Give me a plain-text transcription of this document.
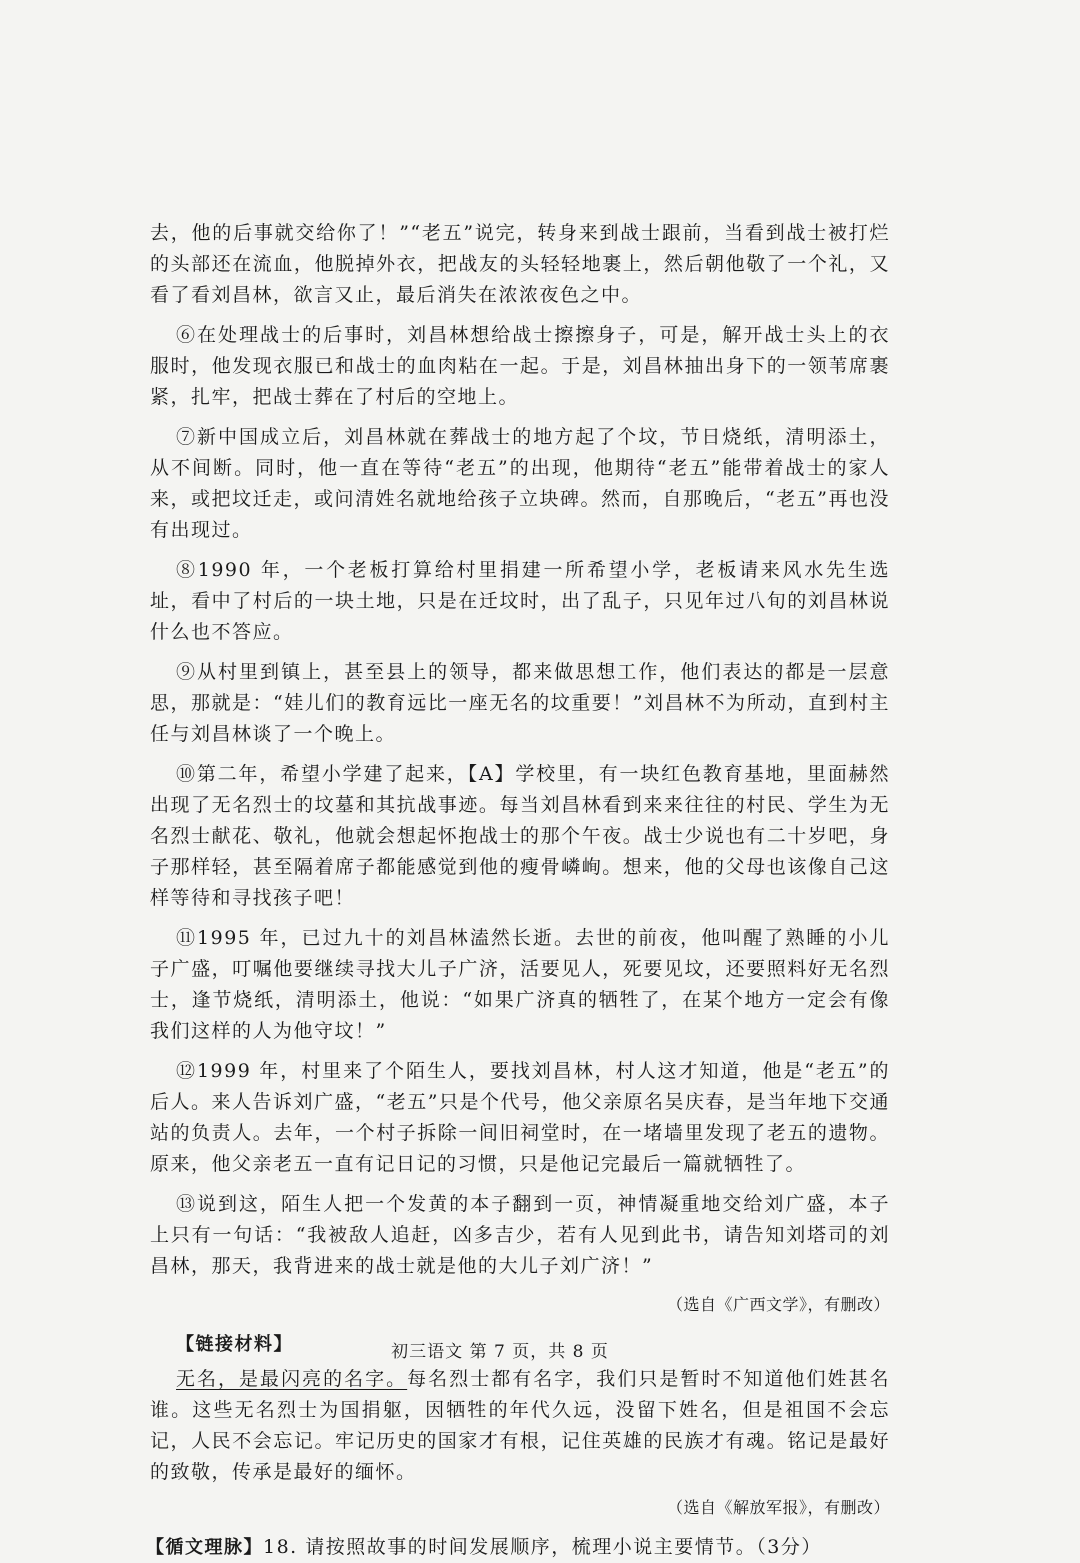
去，他的后事就交给你了！”“老五”说完，转身来到战士跟前，当看到战士被打烂的头部还在流血，他脱掉外衣，把战友的头轻轻地裹上，然后朝他敬了一个礼，又看了看刘昌林，欲言又止，最后消失在浓浓夜色之中。

⑥在处理战士的后事时，刘昌林想给战士擦擦身子，可是，解开战士头上的衣服时，他发现衣服已和战士的血肉粘在一起。于是，刘昌林抽出身下的一领苇席裹紧，扎牢，把战士葬在了村后的空地上。

⑦新中国成立后，刘昌林就在葬战士的地方起了个坟，节日烧纸，清明添土，从不间断。同时，他一直在等待“老五”的出现，他期待“老五”能带着战士的家人来，或把坟迁走，或问清姓名就地给孩子立块碑。然而，自那晚后，“老五”再也没有出现过。

⑧1990 年，一个老板打算给村里捐建一所希望小学，老板请来风水先生选址，看中了村后的一块土地，只是在迁坟时，出了乱子，只见年过八旬的刘昌林说什么也不答应。

⑨从村里到镇上，甚至县上的领导，都来做思想工作，他们表达的都是一层意思，那就是：“娃儿们的教育远比一座无名的坟重要！”刘昌林不为所动，直到村主任与刘昌林谈了一个晚上。

⑩第二年，希望小学建了起来，【A】学校里，有一块红色教育基地，里面赫然出现了无名烈士的坟墓和其抗战事迹。每当刘昌林看到来来往往的村民、学生为无名烈士献花、敬礼，他就会想起怀抱战士的那个午夜。战士少说也有二十岁吧，身子那样轻，甚至隔着席子都能感觉到他的瘦骨嶙峋。想来，他的父母也该像自己这样等待和寻找孩子吧！

⑪1995 年，已过九十的刘昌林溘然长逝。去世的前夜，他叫醒了熟睡的小儿子广盛，叮嘱他要继续寻找大儿子广济，活要见人，死要见坟，还要照料好无名烈士，逢节烧纸，清明添土，他说：“如果广济真的牺牲了，在某个地方一定会有像我们这样的人为他守坟！”

⑫1999 年，村里来了个陌生人，要找刘昌林，村人这才知道，他是“老五”的后人。来人告诉刘广盛，“老五”只是个代号，他父亲原名吴庆春，是当年地下交通站的负责人。去年，一个村子拆除一间旧祠堂时，在一堵墙里发现了老五的遗物。原来，他父亲老五一直有记日记的习惯，只是他记完最后一篇就牺牲了。

⑬说到这，陌生人把一个发黄的本子翻到一页，神情凝重地交给刘广盛，本子上只有一句话：“我被敌人追赶，凶多吉少，若有人见到此书，请告知刘塔司的刘昌林，那天，我背进来的战士就是他的大儿子刘广济！”

（选自《广西文学》，有删改）
【链接材料】

无名，是最闪亮的名字。每名烈士都有名字，我们只是暂时不知道他们姓甚名谁。这些无名烈士为国捐躯，因牺牲的年代久远，没留下姓名，但是祖国不会忘记，人民不会忘记。牢记历史的国家才有根，记住英雄的民族才有魂。铭记是最好的致敬，传承是最好的缅怀。

（选自《解放军报》，有删改）
【循文理脉】18. 请按照故事的时间发展顺序，梳理小说主要情节。（3分）
初三语文 第 7 页，共 8 页
